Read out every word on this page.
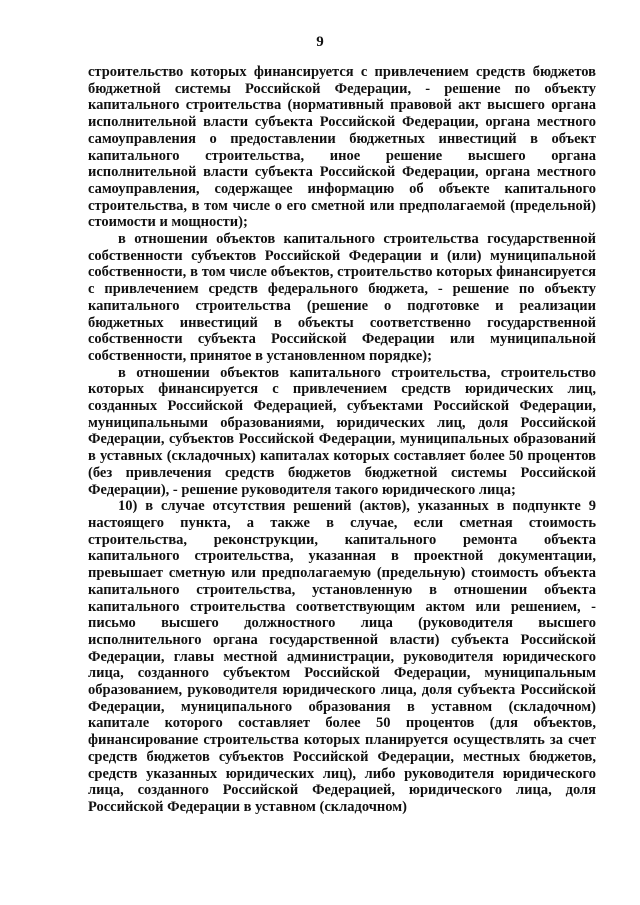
9

строительство которых финансируется с привлечением средств бюджетов бюджетной системы Российской Федерации, - решение по объекту капитального строительства (нормативный правовой акт высшего органа исполнительной власти субъекта Российской Федерации, органа местного самоуправления о предоставлении бюджетных инвестиций в объект капитального строительства, иное решение высшего органа исполнительной власти субъекта Российской Федерации, органа местного самоуправления, содержащее информацию об объекте капитального строительства, в том числе о его сметной или предполагаемой (предельной) стоимости и мощности);

в отношении объектов капитального строительства государственной собственности субъектов Российской Федерации и (или) муниципальной собственности, в том числе объектов, строительство которых финансируется с привлечением средств федерального бюджета, - решение по объекту капитального строительства (решение о подготовке и реализации бюджетных инвестиций в объекты соответственно государственной собственности субъекта Российской Федерации или муниципальной собственности, принятое в установленном порядке);

в отношении объектов капитального строительства, строительство которых финансируется с привлечением средств юридических лиц, созданных Российской Федерацией, субъектами Российской Федерации, муниципальными образованиями, юридических лиц, доля Российской Федерации, субъектов Российской Федерации, муниципальных образований в уставных (складочных) капиталах которых составляет более 50 процентов (без привлечения средств бюджетов бюджетной системы Российской Федерации), - решение руководителя такого юридического лица;

10) в случае отсутствия решений (актов), указанных в подпункте 9 настоящего пункта, а также в случае, если сметная стоимость строительства, реконструкции, капитального ремонта объекта капитального строительства, указанная в проектной документации, превышает сметную или предполагаемую (предельную) стоимость объекта капитального строительства, установленную в отношении объекта капитального строительства соответствующим актом или решением, - письмо высшего должностного лица (руководителя высшего исполнительного органа государственной власти) субъекта Российской Федерации, главы местной администрации, руководителя юридического лица, созданного субъектом Российской Федерации, муниципальным образованием, руководителя юридического лица, доля субъекта Российской Федерации, муниципального образования в уставном (складочном) капитале которого составляет более 50 процентов (для объектов, финансирование строительства которых планируется осуществлять за счет средств бюджетов субъектов Российской Федерации, местных бюджетов, средств указанных юридических лиц), либо руководителя юридического лица, созданного Российской Федерацией, юридического лица, доля Российской Федерации в уставном (складочном)
